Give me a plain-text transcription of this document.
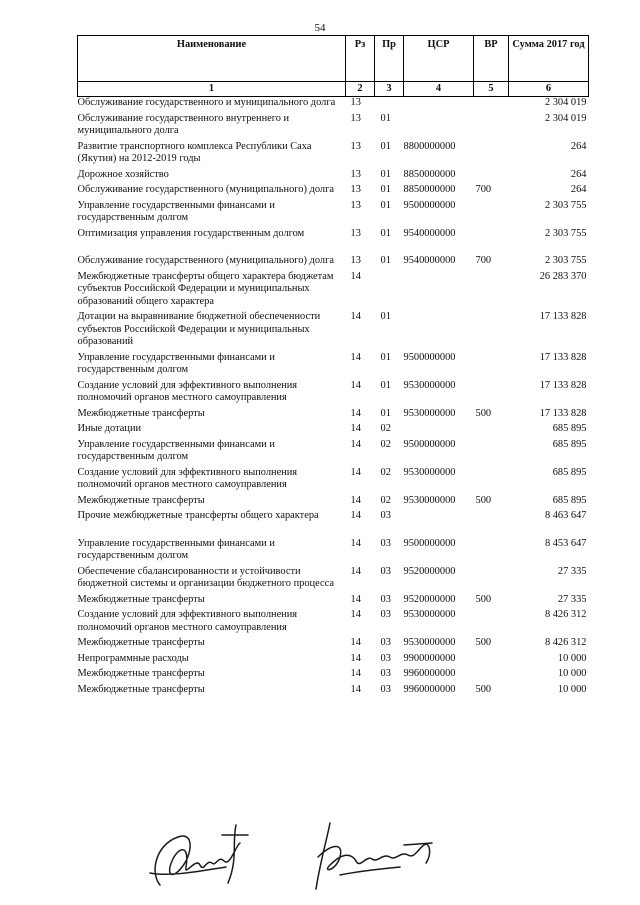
54
Наименование	Рз	Пр	ЦСР	ВР	Сумма 2017 год
1	2	3	4	5	6
Обслуживание государственного и муниципального долга	13				2 304 019
Обслуживание государственного внутреннего и муниципального долга	13	01			2 304 019
Развитие транспортного комплекса Республики Саха (Якутия) на 2012-2019 годы	13	01	8800000000		264
Дорожное хозяйство	13	01	8850000000		264
Обслуживание государственного (муниципального) долга	13	01	8850000000	700	264
Управление государственными финансами и государственным долгом	13	01	9500000000		2 303 755
Оптимизация управления государственным долгом	13	01	9540000000		2 303 755
Обслуживание государственного (муниципального) долга	13	01	9540000000	700	2 303 755
Межбюджетные трансферты общего характера бюджетам субъектов Российской Федерации и муниципальных образований общего характера	14				26 283 370
Дотации на выравнивание бюджетной обеспеченности субъектов Российской Федерации и муниципальных образований	14	01			17 133 828
Управление государственными финансами и государственным долгом	14	01	9500000000		17 133 828
Создание условий для эффективного выполнения полномочий органов местного самоуправления	14	01	9530000000		17 133 828
Межбюджетные трансферты	14	01	9530000000	500	17 133 828
Иные дотации	14	02			685 895
Управление государственными финансами и государственным долгом	14	02	9500000000		685 895
Создание условий для эффективного выполнения полномочий органов местного самоуправления	14	02	9530000000		685 895
Межбюджетные трансферты	14	02	9530000000	500	685 895
Прочие межбюджетные трансферты общего характера	14	03			8 463 647
Управление государственными финансами и государственным долгом	14	03	9500000000		8 453 647
Обеспечение сбалансированности и устойчивости бюджетной системы и организации бюджетного процесса	14	03	9520000000		27 335
Межбюджетные трансферты	14	03	9520000000	500	27 335
Создание условий для эффективного выполнения полномочий органов местного самоуправления	14	03	9530000000		8 426 312
Межбюджетные трансферты	14	03	9530000000	500	8 426 312
Непрограммные расходы	14	03	9900000000		10 000
Межбюджетные трансферты	14	03	9960000000		10 000
Межбюджетные трансферты	14	03	9960000000	500	10 000
